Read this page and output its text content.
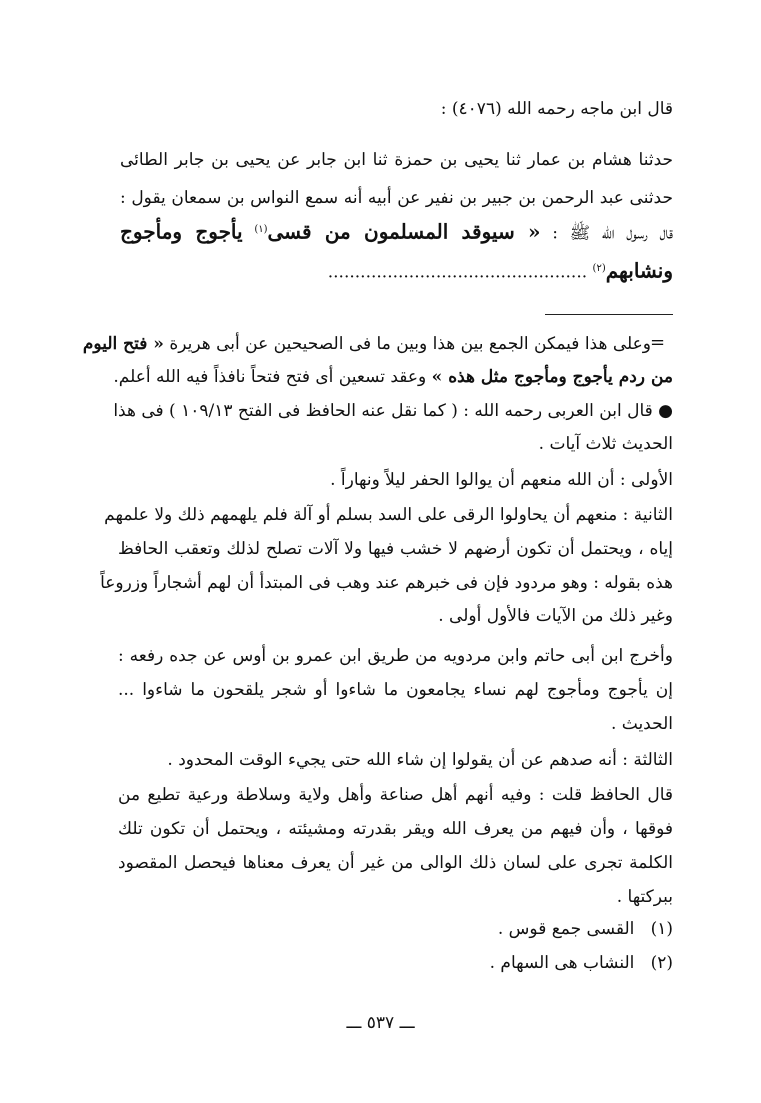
قال ابن ماجه رحمه الله (٤٠٧٦) :
حدثنا هشام بن عمار ثنا يحيى بن حمزة ثنا ابن جابر عن يحيى بن جابر الطائى
حدثنى عبد الرحمن بن جبير بن نفير عن أبيه أنه سمع النواس بن سمعان يقول :
قال رسول الله ﷺ : « سيوقد المسلمون من قسى$^{(١)}$ يأجوج ومأجوج
ونشابهم$^{(٢)}$ ................................................
=
وعلى هذا فيمكن الجمع بين هذا وبين ما فى الصحيحين عن أبى هريرة « فتح اليوم
من ردم يأجوج ومأجوج مثل هذه » وعقد تسعين أى فتح فتحاً نافذاً فيه الله أعلم.
● قال ابن العربى رحمه الله : ( كما نقل عنه الحافظ فى الفتح ١٠٩/١٣ ) فى هذا
الحديث ثلاث آيات .
الأولى : أن الله منعهم أن يوالوا الحفر ليلاً ونهاراً .
الثانية : منعهم أن يحاولوا الرقى على السد بسلم أو آلة فلم يلهمهم ذلك ولا علمهم
إياه ، ويحتمل أن تكون أرضهم لا خشب فيها ولا آلات تصلح لذلك وتعقب الحافظ
هذه بقوله : وهو مردود فإن فى خبرهم عند وهب فى المبتدأ أن لهم أشجاراً وزروعاً
وغير ذلك من الآيات فالأول أولى .
وأخرج ابن أبى حاتم وابن مردويه من طريق ابن عمرو بن أوس عن جده رفعه :
إن يأجوج ومأجوج لهم نساء يجامعون ما شاءوا أو شجر يلقحون ما شاءوا ...
الحديث .
الثالثة : أنه صدهم عن أن يقولوا إن شاء الله حتى يجيء الوقت المحدود .
قال الحافظ قلت : وفيه أنهم أهل صناعة وأهل ولاية وسلاطة ورعية تطيع من
فوقها ، وأن فيهم من يعرف الله ويقر بقدرته ومشيئته ، ويحتمل أن تكون تلك
الكلمة تجرى على لسان ذلك الوالى من غير أن يعرف معناها فيحصل المقصود
ببركتها .
(١)   القسى جمع قوس .
(٢)   النشاب هى السهام .
ـــ ٥٣٧ ـــ
